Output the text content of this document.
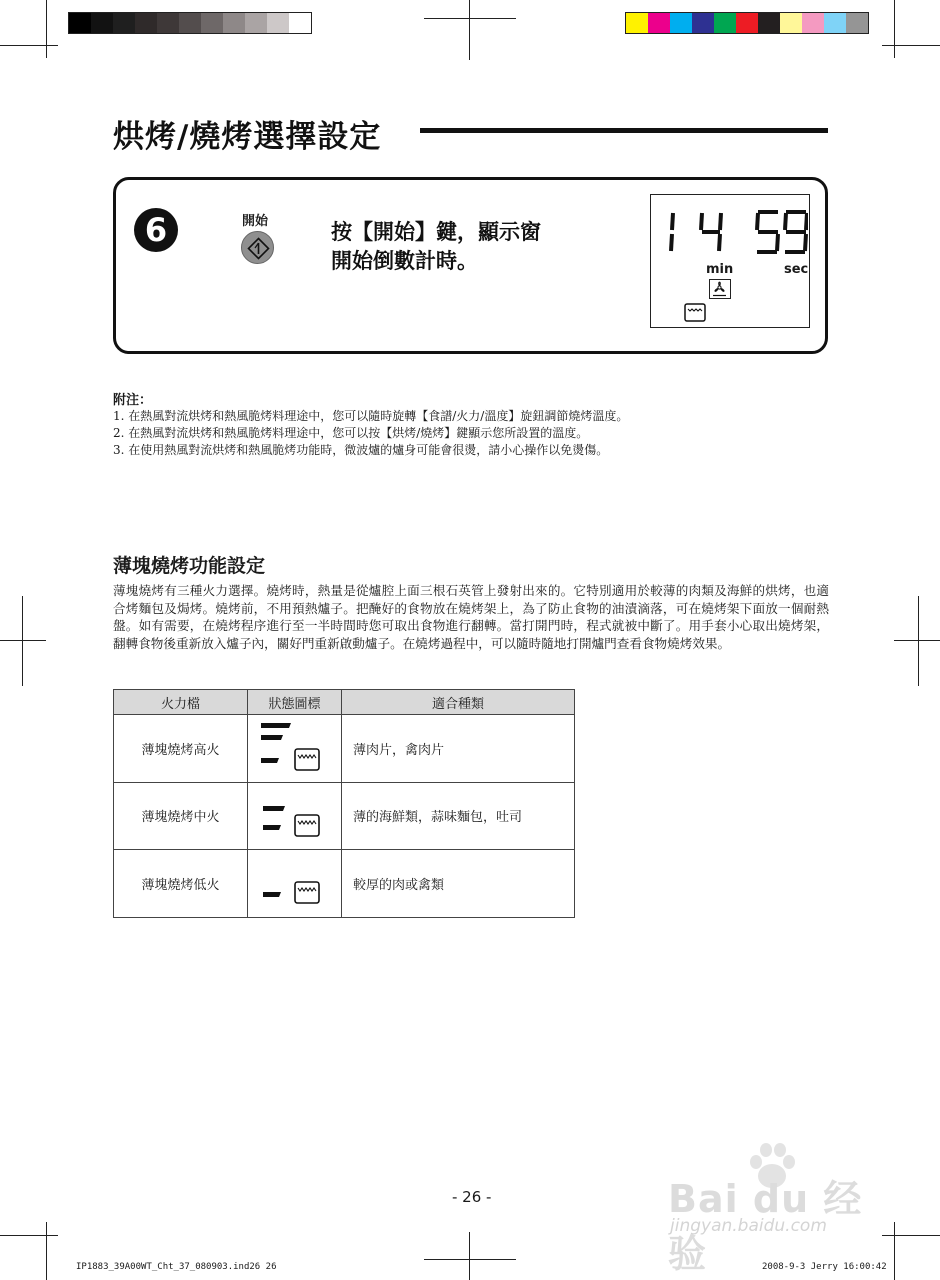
烘烤/燒烤選擇設定
6	開始	按【開始】鍵，顯示窗
開始倒數計時。	min	sec
附注：
1. 在熱風對流烘烤和熱風脆烤料理途中，您可以隨時旋轉【食譜/火力/溫度】旋鈕調節燒烤溫度。
2. 在熱風對流烘烤和熱風脆烤料理途中，您可以按【烘烤/燒烤】鍵顯示您所設置的溫度。
3. 在使用熱風對流烘烤和熱風脆烤功能時，微波爐的爐身可能會很燙，請小心操作以免燙傷。
薄塊燒烤功能設定
薄塊燒烤有三種火力選擇。燒烤時，熱量是從爐腔上面三根石英管上發射出來的。它特別適用於較薄的肉類及海鮮的烘烤，也適合烤麵包及焗烤。燒烤前，不用預熱爐子。把醃好的食物放在燒烤架上，為了防止食物的油漬滴落，可在燒烤架下面放一個耐熱盤。如有需要，在燒烤程序進行至一半時間時您可取出食物進行翻轉。當打開門時，程式就被中斷了。用手套小心取出燒烤架，翻轉食物後重新放入爐子內，關好門重新啟動爐子。在燒烤過程中，可以隨時隨地打開爐門查看食物燒烤效果。
火力檔	狀態圖標	適合種類
薄塊燒烤高火		薄肉片，禽肉片
薄塊燒烤中火		薄的海鮮類，蒜味麵包，吐司
薄塊燒烤低火		較厚的肉或禽類
- 26 -
IP1883_39A00WT_Cht_37_080903.ind26 26	2008-9-3 Jerry 16:00:42
Bai du 经验
jingyan.baidu.com
